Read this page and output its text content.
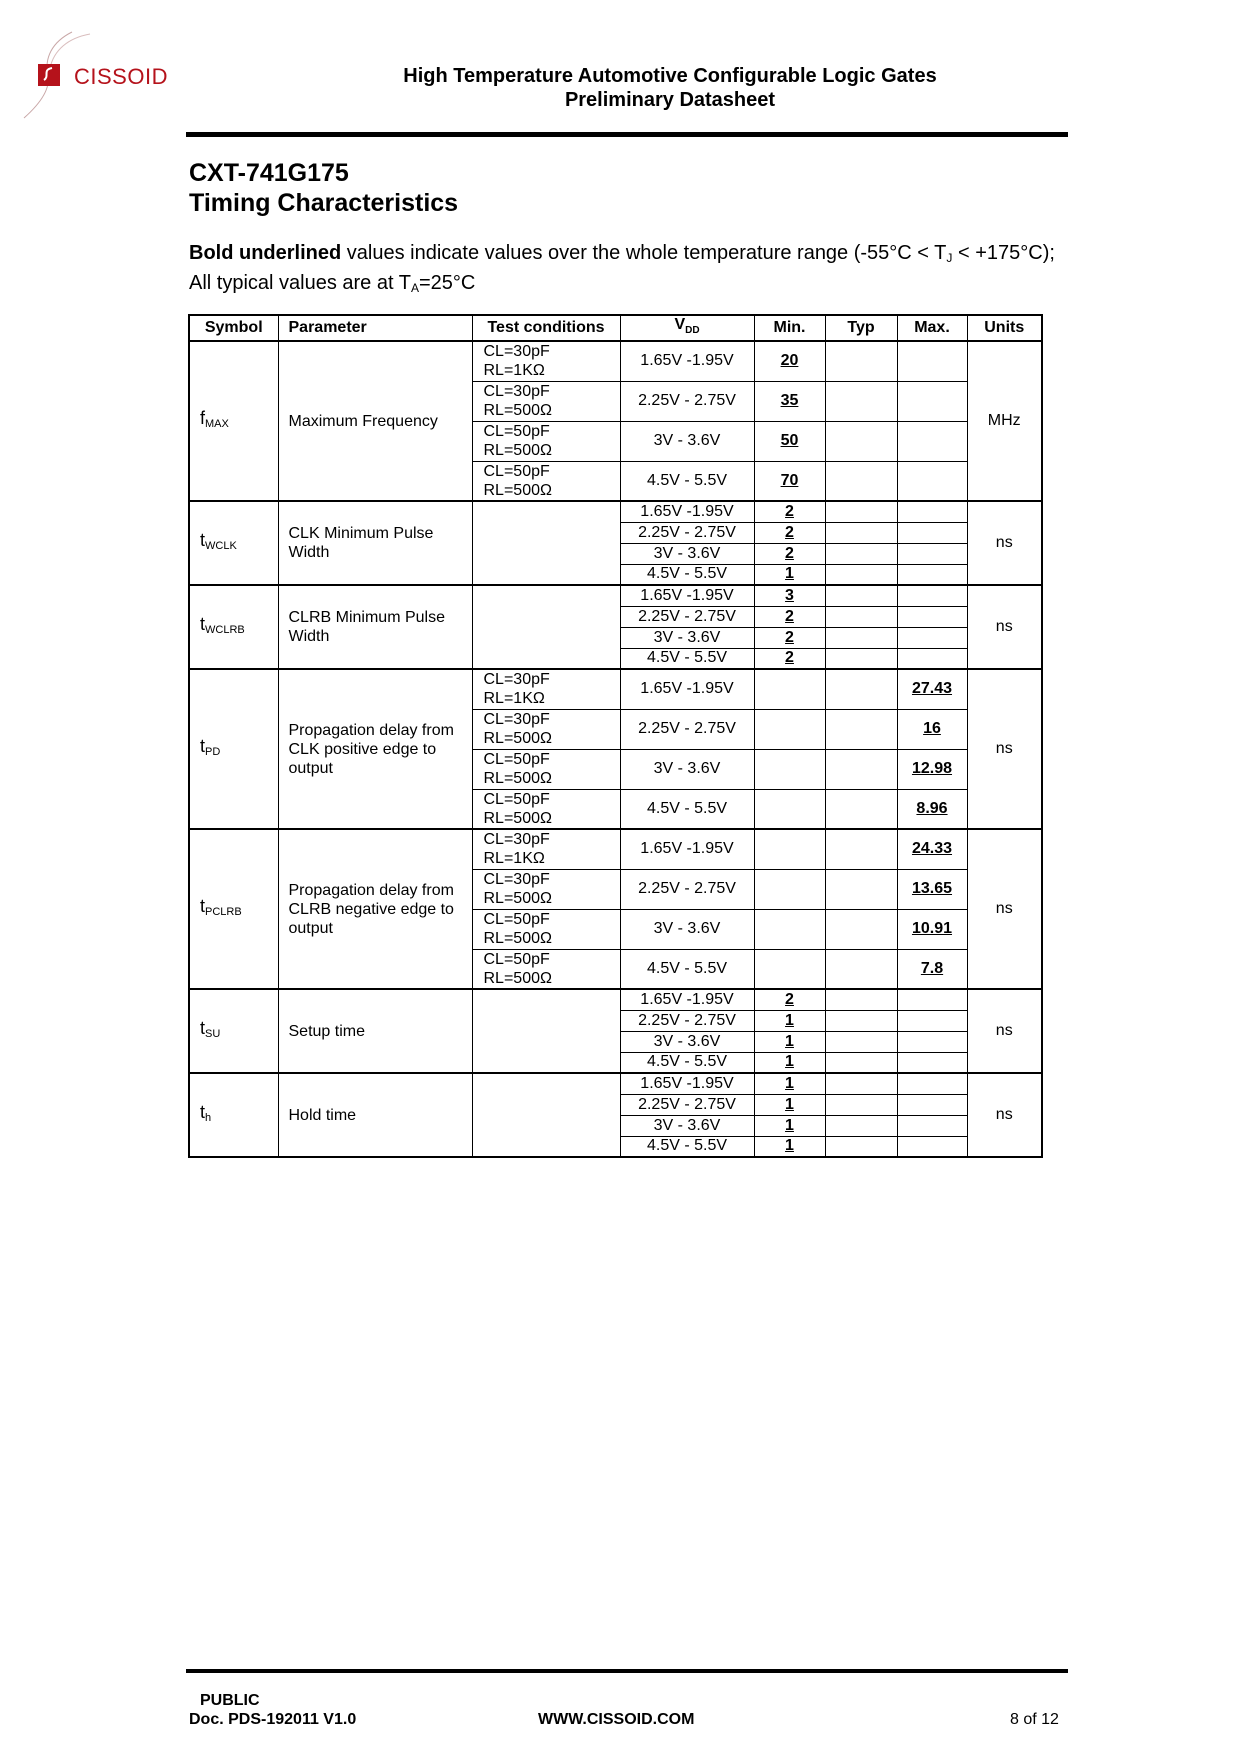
CISSOID	High Temperature Automotive Configurable Logic Gates
Preliminary Datasheet
CXT-741G175
Timing Characteristics
Bold underlined values indicate values over the whole temperature range $(-55^\circ C < T_J < +175^\circ C)$; All typical values are at $T_A=25^\circ C$
Symbol	Parameter	Test conditions	$V_{DD}$	Min.	Typ	Max.	Units
$f_{MAX}$	Maximum Frequency	CL=30pF
RL=1KΩ	1.65V -1.95V	20			MHz

		CL=30pF
RL=500Ω	2.25V - 2.75V	35			

		CL=50pF
RL=500Ω	3V - 3.6V	50			

		CL=50pF
RL=500Ω	4.5V - 5.5V	70			
$t_{WCLK}$	CLK Minimum Pulse Width		1.65V -1.95V	2			ns
			2.25V - 2.75V	2			
			3V - 3.6V	2			
			4.5V - 5.5V	1			
$t_{WCLRB}$	CLRB Minimum Pulse Width		1.65V -1.95V	3			ns
			2.25V - 2.75V	2			
			3V - 3.6V	2			
			4.5V - 5.5V	2			
$t_{PD}$	Propagation delay from CLK positive edge to output	CL=30pF
RL=1KΩ	1.65V -1.95V			27.43	ns

		CL=30pF
RL=500Ω	2.25V - 2.75V			16	

		CL=50pF
RL=500Ω	3V - 3.6V			12.98	

		CL=50pF
RL=500Ω	4.5V - 5.5V			8.96	
$t_{PCLRB}$	Propagation delay from CLRB negative edge to output	CL=30pF
RL=1KΩ	1.65V -1.95V			24.33	ns

		CL=30pF
RL=500Ω	2.25V - 2.75V			13.65	

		CL=50pF
RL=500Ω	3V - 3.6V			10.91	

		CL=50pF
RL=500Ω	4.5V - 5.5V			7.8	
$t_{SU}$	Setup time		1.65V -1.95V	2			ns
			2.25V - 2.75V	1			
			3V - 3.6V	1			
			4.5V - 5.5V	1			
$t_h$	Hold time		1.65V -1.95V	1			ns
			2.25V - 2.75V	1			
			3V - 3.6V	1			
			4.5V - 5.5V	1			
PUBLIC
Doc. PDS-192011 V1.0	WWW.CISSOID.COM	8 of 12
